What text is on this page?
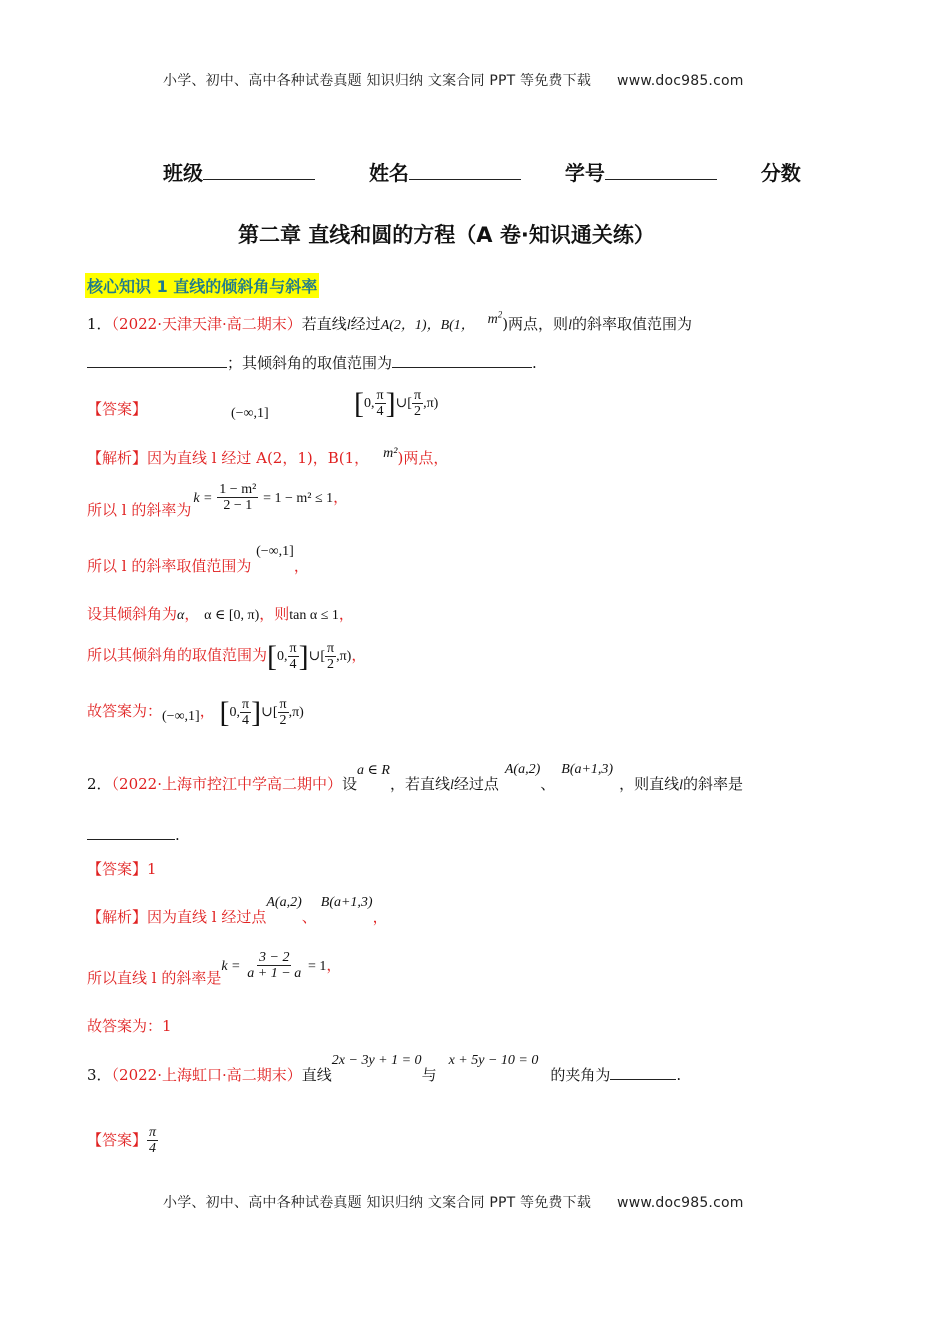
小学、初中、高中各种试卷真题 知识归纳 文案合同 PPT 等免费下载 www.doc985.com
班级	姓名	学号	分数
第二章 直线和圆的方程（A 卷·知识通关练）
核心知识 1 直线的倾斜角与斜率
1．（2022·天津天津·高二期末）若直线l经过A(2，1)，B(1， $m^2$)两点，则l的斜率取值范围为
；其倾斜角的取值范围为	.
【答案】	(−∞,1]	[0, $\frac{\pi}{4}$ ]∪[ $\frac{\pi}{2} ,\pi$)
【解析】因为直线 l 经过 A(2，1)，B(1， m²)两点，
所以 l 的斜率为$k = \frac{\text{1 − m²}}{2 - 1} = 1 - m^2 \le 1$，
所以 l 的斜率取值范围为 (−∞,1]，
设其倾斜角为α， α ∈ [0, π)，则tan α ≤ 1，
所以其倾斜角的取值范围为[0, $\frac{\pi}{4}$ ]∪[ $\frac{\pi}{2} ,\pi$)，
故答案为：(−∞,1]， [0, $\frac{\pi}{4}$ ]∪[ $\frac{\pi}{2} ,\pi$)
2．（2022·上海市控江中学高二期中）设a ∈ R，若直线l经过点A(a,2)、B(a+1,3)，则直线l的斜率是
.
【答案】1
【解析】因为直线 l 经过点A(a,2)、B(a+1,3)，
所以直线 l 的斜率是$k = \frac{3 - 2}{a + 1 - a} = 1$，
故答案为：1
3．（2022·上海虹口·高二期末）直线2x − 3y + 1 = 0与x + 5y − 10 = 0的夹角为	.
【答案】 $\frac{\pi}{4}$
小学、初中、高中各种试卷真题 知识归纳 文案合同 PPT 等免费下载 www.doc985.com
